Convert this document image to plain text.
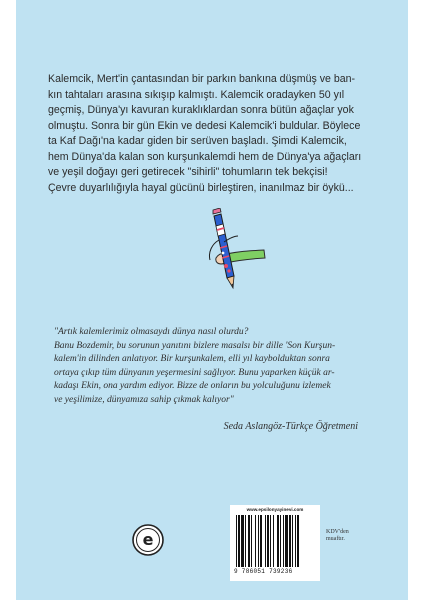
Kalemcik, Mert'in çantasından bir parkın bankına düşmüş ve ban-
kın tahtaları arasına sıkışıp kalmıştı. Kalemcik oradayken 50 yıl
geçmiş, Dünya'yı kavuran kuraklıklardan sonra bütün ağaçlar yok
olmuştu. Sonra bir gün Ekin ve dedesi Kalemcik'i buldular. Böylece
ta Kaf Dağı'na kadar giden bir serüven başladı. Şimdi Kalemcik,
hem Dünya'da kalan son kurşunkalemdi hem de Dünya'ya ağaçları
ve yeşil doğayı geri getirecek "sihirli" tohumların tek bekçisi!
Çevre duyarlılığıyla hayal gücünü birleştiren, inanılmaz bir öykü...

"Artık kalemlerimiz olmasaydı dünya nasıl olurdu?

Banu Bozdemir, bu sorunun yanıtını bizlere masalsı bir dille 'Son Kurşun-

kalem'in dilinden anlatıyor. Bir kurşunkalem, elli yıl kaybolduktan sonra

ortaya çıkıp tüm dünyanın yeşermesini sağlıyor. Bunu yaparken küçük ar-

kadaşı Ekin, ona yardım ediyor. Bizze de onların bu yolculuğunu izlemek

ve yeşilimize, dünyamıza sahip çıkmak kalıyor"

Seda Aslangöz-Türkçe Öğretmeni
e
www.epsilonyayinevi.com
9 786051 739236
KDV'den
muaftır.
